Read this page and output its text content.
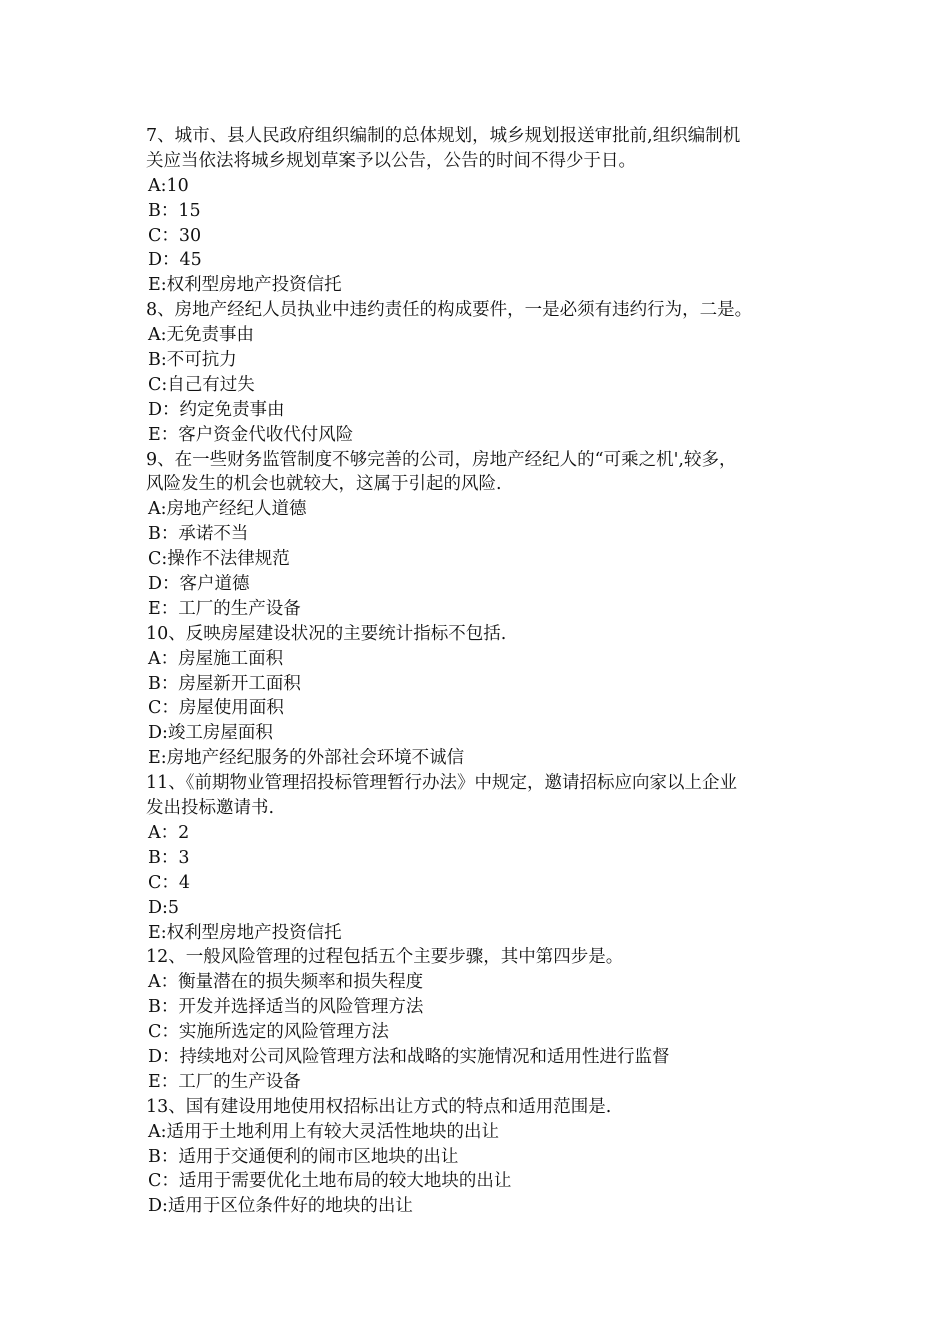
7、城市、县人民政府组织编制的总体规划，城乡规划报送审批前,组织编制机
关应当依法将城乡规划草案予以公告，公告的时间不得少于日。
A:10
B：15
C：30
D：45
E:权利型房地产投资信托
8、房地产经纪人员执业中违约责任的构成要件，一是必须有违约行为，二是。
A:无免责事由
B:不可抗力
C:自己有过失
D：约定免责事由
E：客户资金代收代付风险
9、在一些财务监管制度不够完善的公司，房地产经纪人的“可乘之机',较多，
风险发生的机会也就较大，这属于引起的风险.
A:房地产经纪人道德
B：承诺不当
C:操作不法律规范
D：客户道德
E：工厂的生产设备
10、反映房屋建设状况的主要统计指标不包括.
A：房屋施工面积
B：房屋新开工面积
C：房屋使用面积
D:竣工房屋面积
E:房地产经纪服务的外部社会环境不诚信
11、《前期物业管理招投标管理暂行办法》中规定，邀请招标应向家以上企业
发出投标邀请书.
A：2
B：3
C：4
D:5
E:权利型房地产投资信托
12、一般风险管理的过程包括五个主要步骤，其中第四步是。
A：衡量潜在的损失频率和损失程度
B：开发并选择适当的风险管理方法
C：实施所选定的风险管理方法
D：持续地对公司风险管理方法和战略的实施情况和适用性进行监督
E：工厂的生产设备
13、国有建设用地使用权招标出让方式的特点和适用范围是.
A:适用于土地利用上有较大灵活性地块的出让
B：适用于交通便利的闹市区地块的出让
C：适用于需要优化土地布局的较大地块的出让
D:适用于区位条件好的地块的出让
